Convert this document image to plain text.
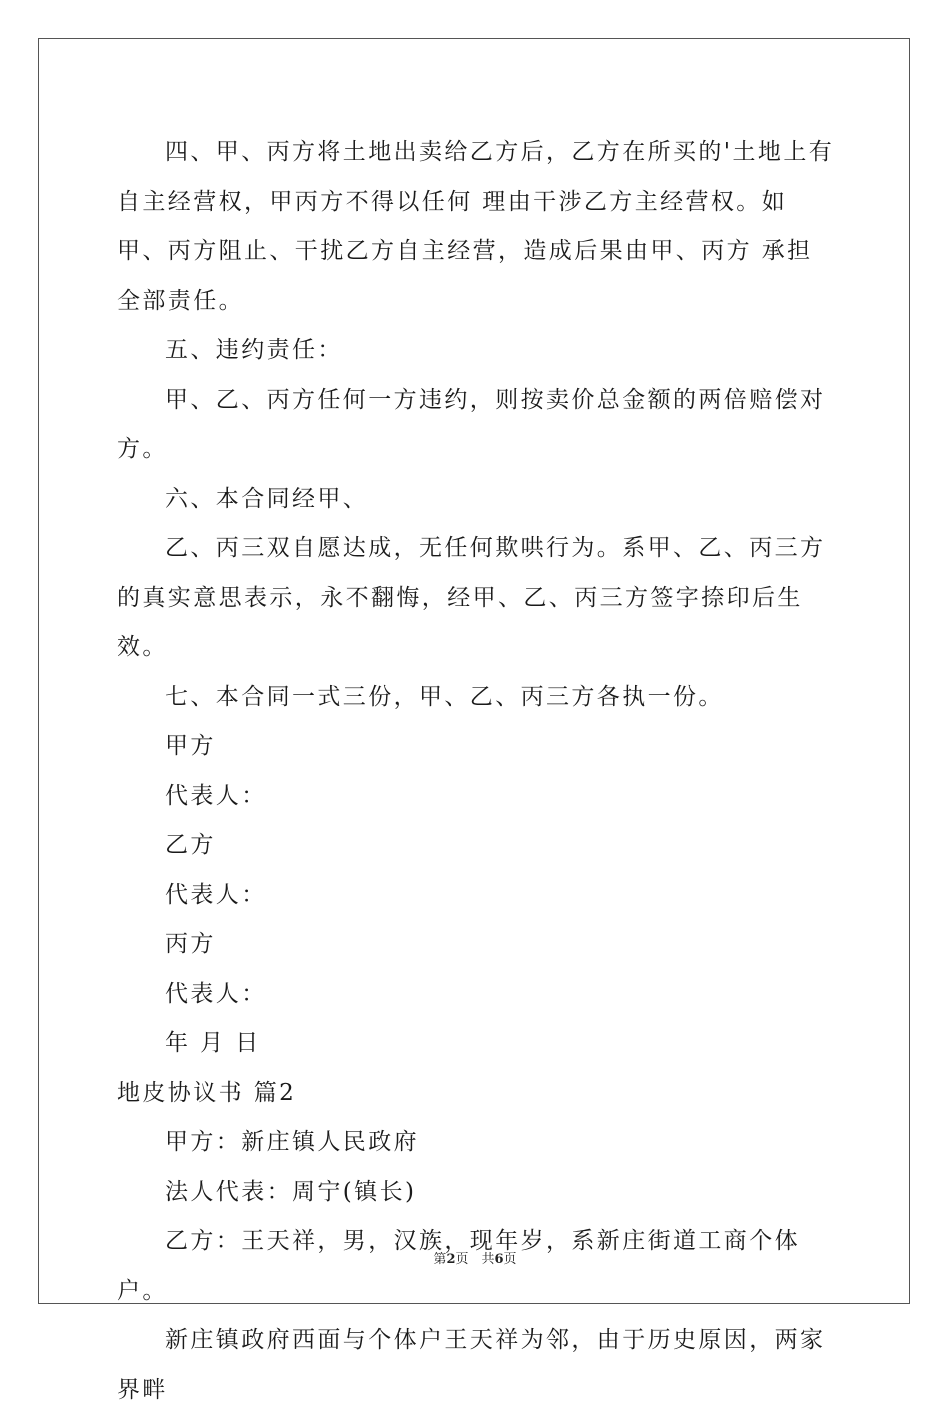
四、甲、丙方将土地出卖给乙方后，乙方在所买的'土地上有 自主经营权，甲丙方不得以任何 理由干涉乙方主经营权。如甲、丙方阻止、干扰乙方自主经营，造成后果由甲、丙方 承担全部责任。

五、违约责任：

甲、乙、丙方任何一方违约，则按卖价总金额的两倍赔偿对方。

六、本合同经甲、

乙、丙三双自愿达成，无任何欺哄行为。系甲、乙、丙三方的真实意思表示，永不翻悔，经甲、乙、丙三方签字捺印后生效。

七、本合同一式三份，甲、乙、丙三方各执一份。

甲方

代表人：

乙方

代表人：

丙方

代表人：

年 月 日

地皮协议书 篇2

甲方：新庄镇人民政府

法人代表：周宁(镇长)

乙方：王天祥，男，汉族，现年岁，系新庄街道工商个体户。

新庄镇政府西面与个体户王天祥为邻，由于历史原因，两家界畔

第2页　共6页
